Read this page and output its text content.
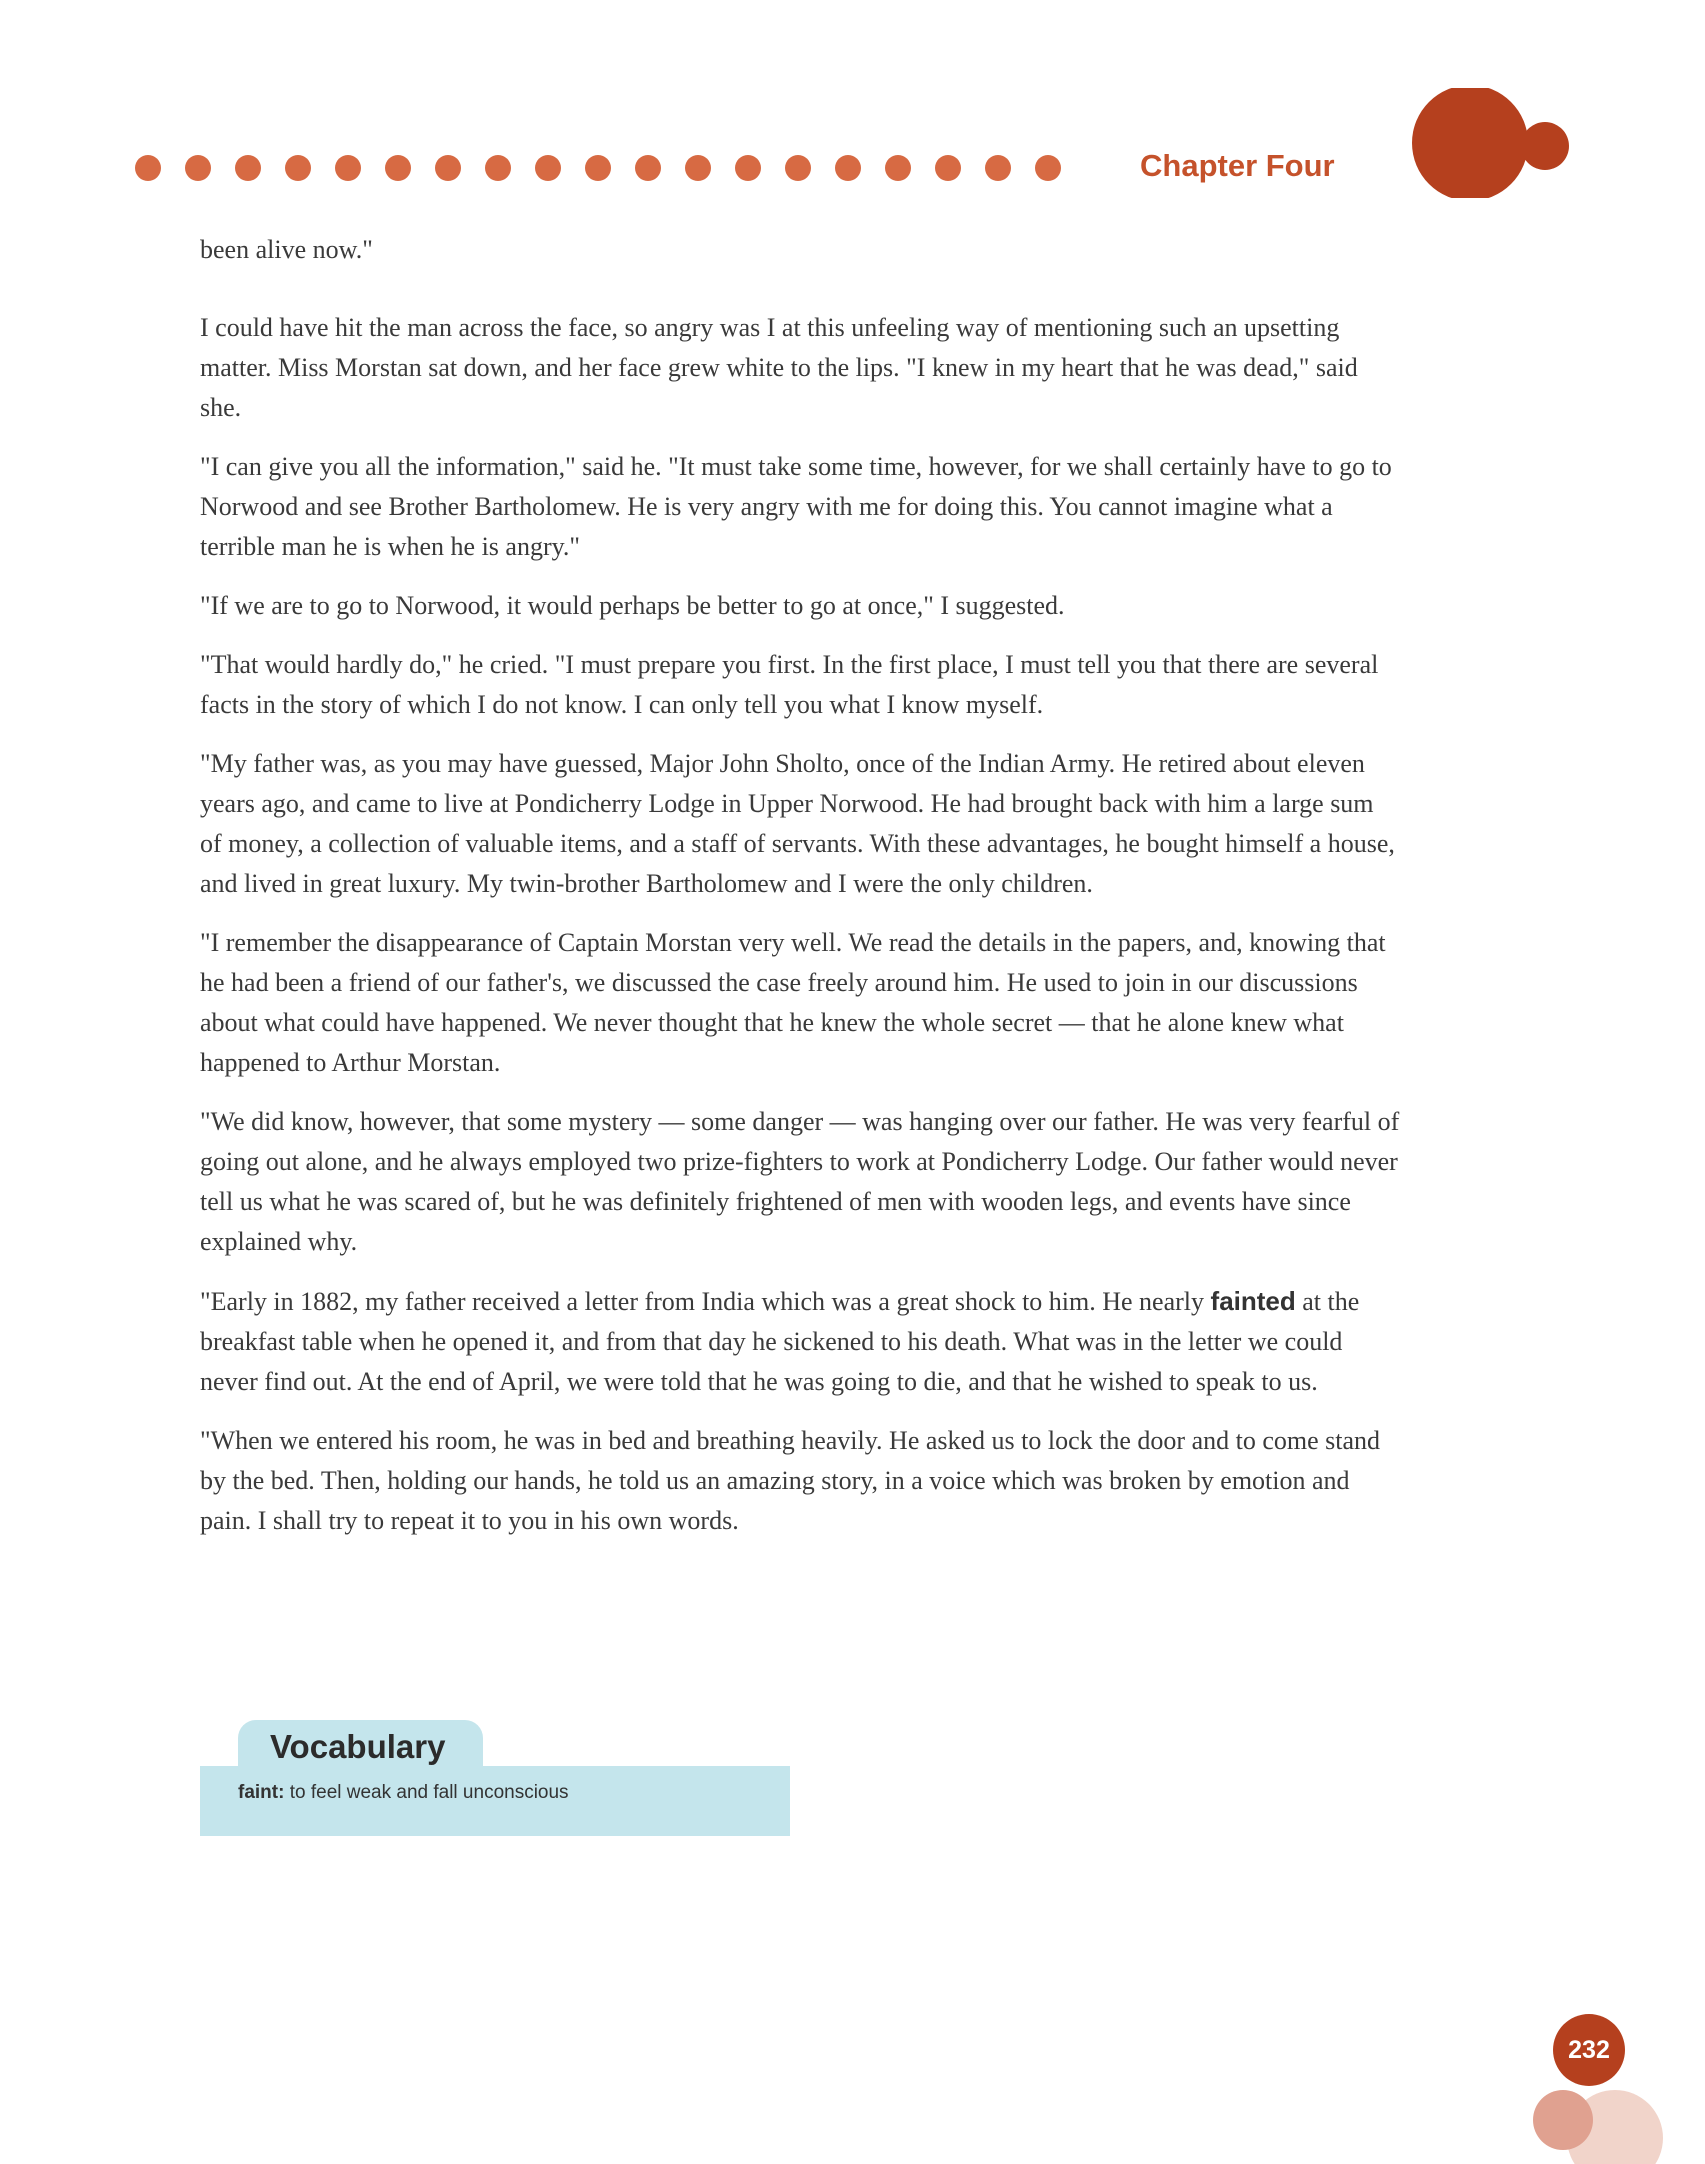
Chapter Four

been alive now."

I could have hit the man across the face, so angry was I at this unfeeling way of mentioning such an upsetting matter. Miss Morstan sat down, and her face grew white to the lips. "I knew in my heart that he was dead," said she.

"I can give you all the information," said he. "It must take some time, however, for we shall certainly have to go to Norwood and see Brother Bartholomew. He is very angry with me for doing this. You cannot imagine what a terrible man he is when he is angry."

"If we are to go to Norwood, it would perhaps be better to go at once," I suggested.

"That would hardly do," he cried. "I must prepare you first. In the first place, I must tell you that there are several facts in the story of which I do not know. I can only tell you what I know myself.

"My father was, as you may have guessed, Major John Sholto, once of the Indian Army. He retired about eleven years ago, and came to live at Pondicherry Lodge in Upper Norwood. He had brought back with him a large sum of money, a collection of valuable items, and a staff of servants. With these advantages, he bought himself a house, and lived in great luxury. My twin-brother Bartholomew and I were the only children.

"I remember the disappearance of Captain Morstan very well. We read the details in the papers, and, knowing that he had been a friend of our father's, we discussed the case freely around him. He used to join in our discussions about what could have happened. We never thought that he knew the whole secret — that he alone knew what happened to Arthur Morstan.

"We did know, however, that some mystery — some danger — was hanging over our father. He was very fearful of going out alone, and he always employed two prize-fighters to work at Pondicherry Lodge. Our father would never tell us what he was scared of, but he was definitely frightened of men with wooden legs, and events have since explained why.

"Early in 1882, my father received a letter from India which was a great shock to him. He nearly fainted at the breakfast table when he opened it, and from that day he sickened to his death. What was in the letter we could never find out. At the end of April, we were told that he was going to die, and that he wished to speak to us.

"When we entered his room, he was in bed and breathing heavily. He asked us to lock the door and to come stand by the bed. Then, holding our hands, he told us an amazing story, in a voice which was broken by emotion and pain. I shall try to repeat it to you in his own words.

Vocabulary
faint: to feel weak and fall unconscious
232
